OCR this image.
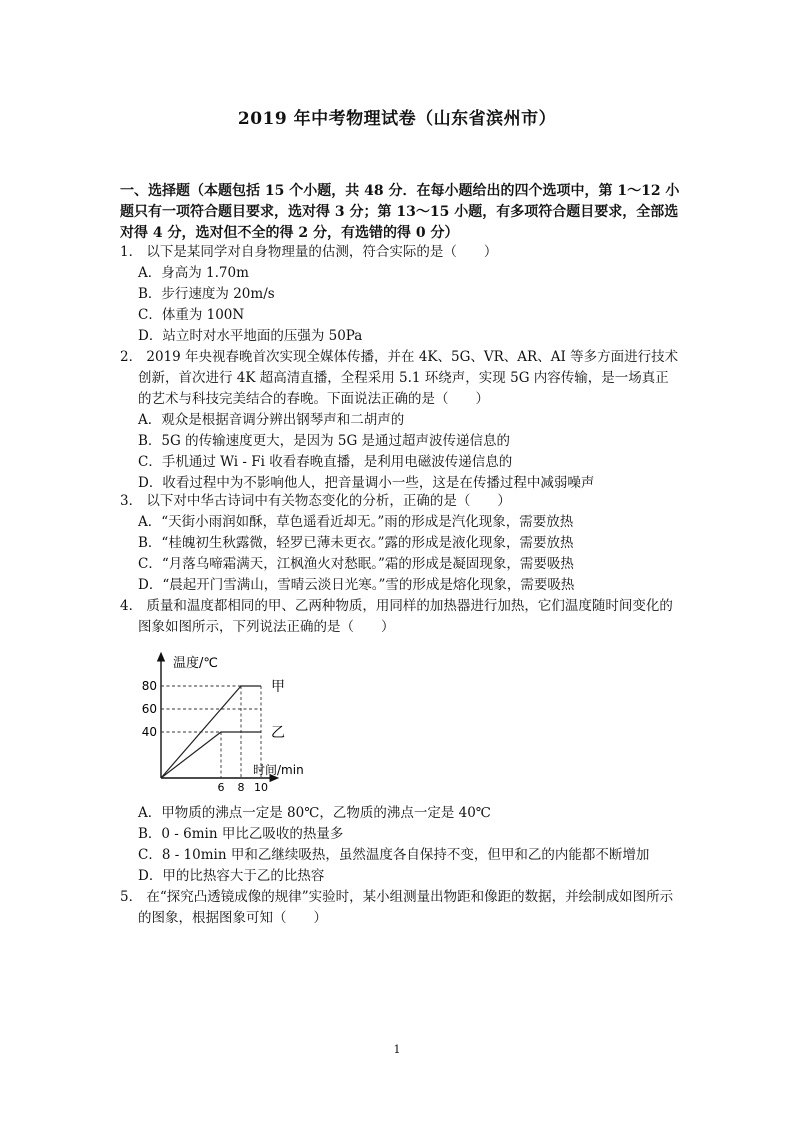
2019 年中考物理试卷（山东省滨州市）
一、选择题（本题包括 15 个小题，共 48 分．在每小题给出的四个选项中，第 1～12 小题只有一项符合题目要求，选对得 3 分；第 13～15 小题，有多项符合题目要求，全部选对得 4 分，选对但不全的得 2 分，有选错的得 0 分）
1． 以下是某同学对自身物理量的估测，符合实际的是（　　）
A．身高为 1.70m
B．步行速度为 20m/s
C．体重为 100N
D．站立时对水平地面的压强为 50Pa
2． 2019 年央视春晚首次实现全媒体传播，并在 4K、5G、VR、AR、AI 等多方面进行技术创新，首次进行 4K 超高清直播，全程采用 5.1 环绕声，实现 5G 内容传输，是一场真正的艺术与科技完美结合的春晚。下面说法正确的是（　　）
A．观众是根据音调分辨出钢琴声和二胡声的
B．5G 的传输速度更大，是因为 5G 是通过超声波传递信息的
C．手机通过 Wi - Fi 收看春晚直播，是利用电磁波传递信息的
D．收看过程中为不影响他人，把音量调小一些，这是在传播过程中减弱噪声
3． 以下对中华古诗词中有关物态变化的分析，正确的是（　　）
A．“天街小雨润如酥，草色遥看近却无。”雨的形成是汽化现象，需要放热
B．“桂魄初生秋露微，轻罗已薄未更衣。”露的形成是液化现象，需要放热
C．“月落乌啼霜满天，江枫渔火对愁眠。”霜的形成是凝固现象，需要吸热
D．“晨起开门雪满山，雪晴云淡日光寒。”雪的形成是熔化现象，需要吸热
4． 质量和温度都相同的甲、乙两种物质，用同样的加热器进行加热，它们温度随时间变化的图象如图所示，下列说法正确的是（　　）
温度/℃
时间/min
40
60
80
6 8 10
甲
乙
A．甲物质的沸点一定是 80℃，乙物质的沸点一定是 40℃
B．0 - 6min 甲比乙吸收的热量多
C．8 - 10min 甲和乙继续吸热，虽然温度各自保持不变，但甲和乙的内能都不断增加
D．甲的比热容大于乙的比热容
5． 在“探究凸透镜成像的规律”实验时，某小组测量出物距和像距的数据，并绘制成如图所示的图象，根据图象可知（　　）
1
